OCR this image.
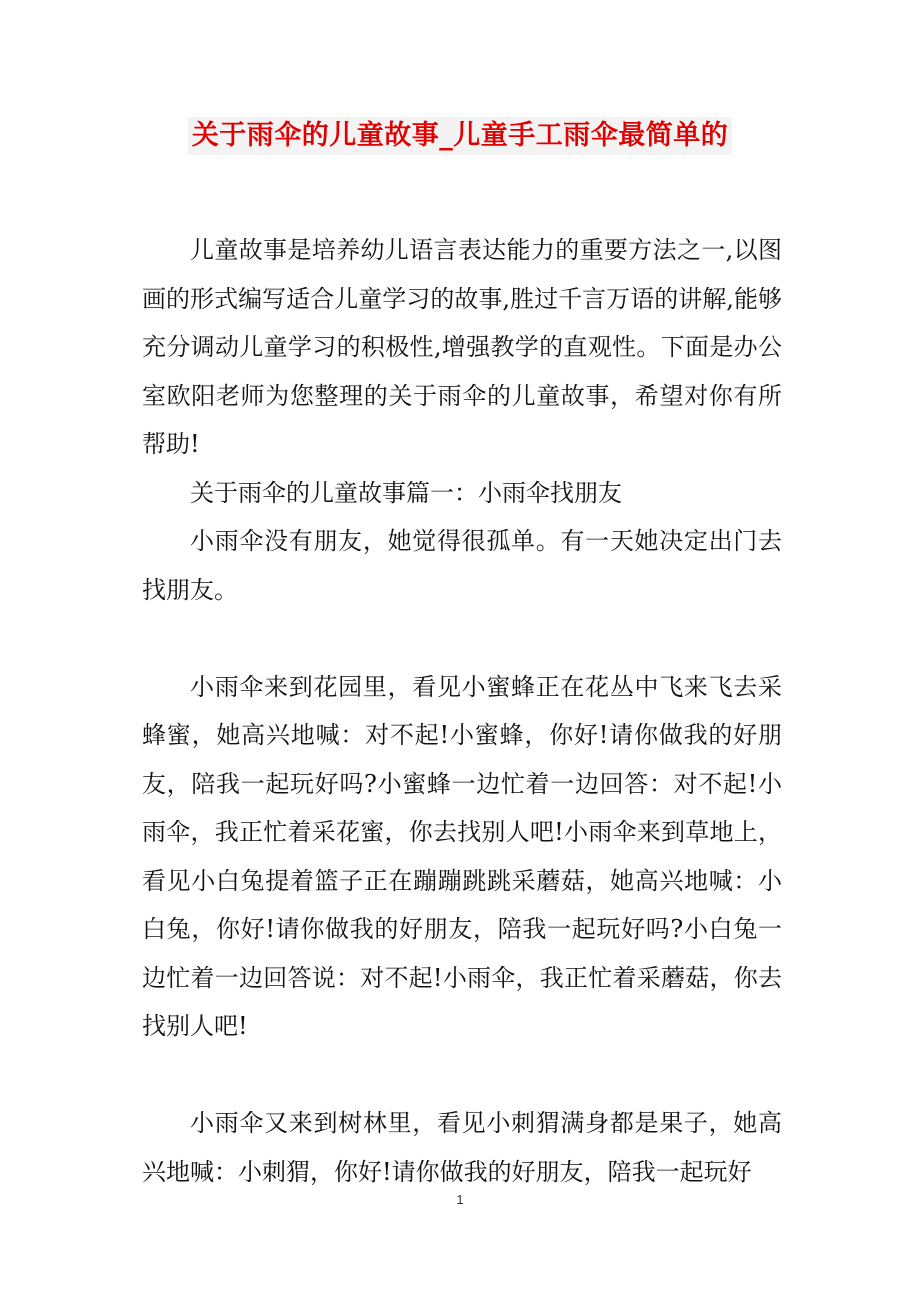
关于雨伞的儿童故事_儿童手工雨伞最简单的

儿童故事是培养幼儿语言表达能力的重要方法之一,以图画的形式编写适合儿童学习的故事,胜过千言万语的讲解,能够充分调动儿童学习的积极性,增强教学的直观性。下面是办公室欧阳老师为您整理的关于雨伞的儿童故事，希望对你有所帮助!

关于雨伞的儿童故事篇一：小雨伞找朋友

小雨伞没有朋友，她觉得很孤单。有一天她决定出门去找朋友。

小雨伞来到花园里，看见小蜜蜂正在花丛中飞来飞去采蜂蜜，她高兴地喊：对不起!小蜜蜂，你好!请你做我的好朋友，陪我一起玩好吗?小蜜蜂一边忙着一边回答：对不起!小雨伞，我正忙着采花蜜，你去找别人吧!小雨伞来到草地上，看见小白兔提着篮子正在蹦蹦跳跳采蘑菇，她高兴地喊：小白兔，你好!请你做我的好朋友，陪我一起玩好吗?小白兔一边忙着一边回答说：对不起!小雨伞，我正忙着采蘑菇，你去找别人吧!

小雨伞又来到树林里，看见小刺猬满身都是果子，她高兴地喊：小刺猬，你好!请你做我的好朋友，陪我一起玩好

1
